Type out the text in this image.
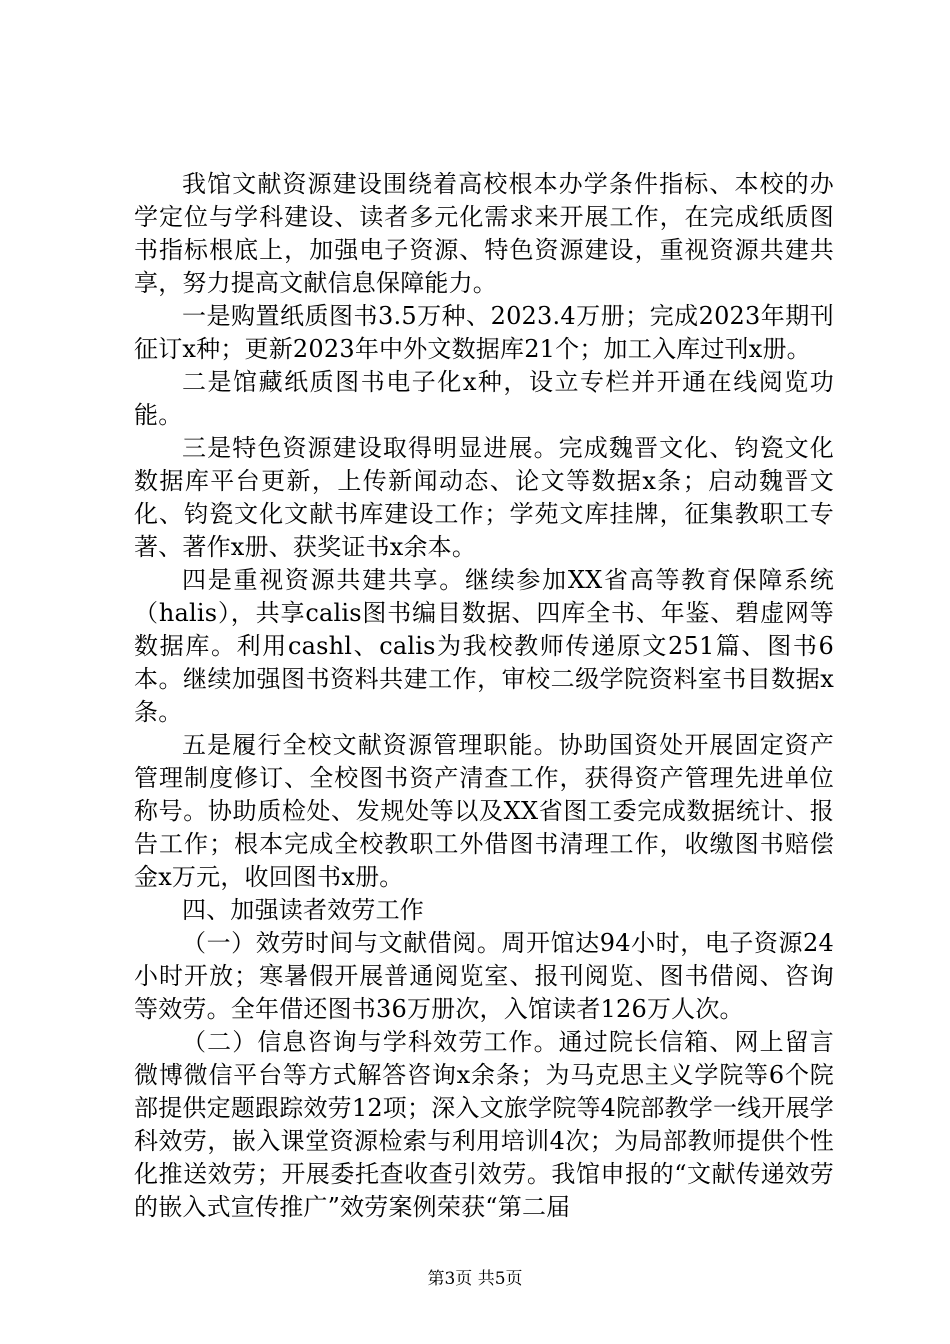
我馆文献资源建设围绕着高校根本办学条件指标、本校的办学定位与学科建设、读者多元化需求来开展工作，在完成纸质图书指标根底上，加强电子资源、特色资源建设，重视资源共建共享，努力提高文献信息保障能力。

一是购置纸质图书3.5万种、2023.4万册；完成2023年期刊征订x种；更新2023年中外文数据库21个；加工入库过刊x册。

二是馆藏纸质图书电子化x种，设立专栏并开通在线阅览功能。

三是特色资源建设取得明显进展。完成魏晋文化、钧瓷文化数据库平台更新，上传新闻动态、论文等数据x条；启动魏晋文化、钧瓷文化文献书库建设工作；学苑文库挂牌，征集教职工专著、著作x册、获奖证书x余本。

四是重视资源共建共享。继续参加XX省高等教育保障系统（halis），共享calis图书编目数据、四库全书、年鉴、碧虚网等数据库。利用cashl、calis为我校教师传递原文251篇、图书6本。继续加强图书资料共建工作，审校二级学院资料室书目数据x条。

五是履行全校文献资源管理职能。协助国资处开展固定资产管理制度修订、全校图书资产清查工作，获得资产管理先进单位称号。协助质检处、发规处等以及XX省图工委完成数据统计、报告工作；根本完成全校教职工外借图书清理工作，收缴图书赔偿金x万元，收回图书x册。

四、加强读者效劳工作

（一）效劳时间与文献借阅。周开馆达94小时，电子资源24小时开放；寒暑假开展普通阅览室、报刊阅览、图书借阅、咨询等效劳。全年借还图书36万册次，入馆读者126万人次。

（二）信息咨询与学科效劳工作。通过院长信箱、网上留言微博微信平台等方式解答咨询x余条；为马克思主义学院等6个院部提供定题跟踪效劳12项；深入文旅学院等4院部教学一线开展学科效劳，嵌入课堂资源检索与利用培训4次；为局部教师提供个性化推送效劳；开展委托查收查引效劳。我馆申报的“文献传递效劳的嵌入式宣传推广”效劳案例荣获“第二届

第3页 共5页
